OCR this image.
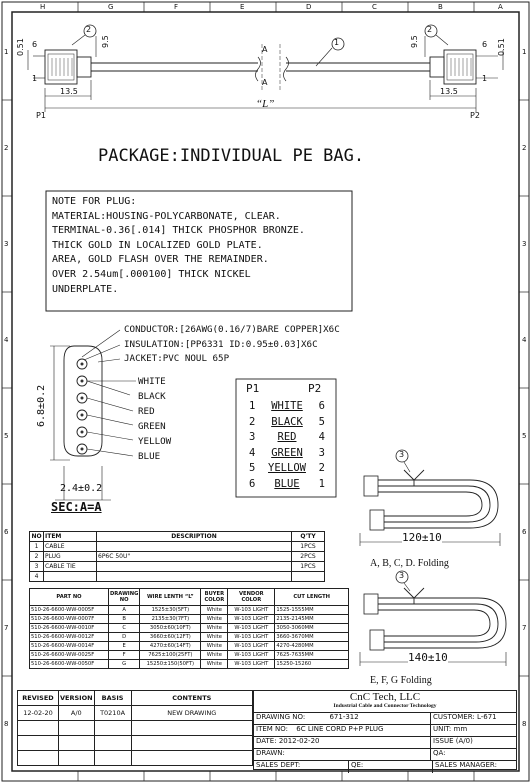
H	G	F	E	D	C	B	A
1
2
3
4
5
6
7
8
1
2
3
4
5
6
7
8
2	2
1
0.51 6
1
9.5	9.5	6
1
0.51
13.5	13.5
A
A
“L”
P1	P2
PACKAGE:INDIVIDUAL PE BAG.
NOTE FOR PLUG:
MATERIAL:HOUSING-POLYCARBONATE, CLEAR.
TERMINAL-0.36[.014] THICK PHOSPHOR BRONZE.
THICK GOLD IN LOCALIZED GOLD PLATE.
AREA, GOLD FLASH OVER THE REMAINDER.
OVER 2.54um[.000100] THICK NICKEL
UNDERPLATE.
CONDUCTOR:[26AWG(0.16/7)BARE COPPER]X6C
INSULATION:[PP6331 ID:0.95±0.03]X6C
JACKET:PVC NOUL 65P
WHITE
BLACK
RED
GREEN
YELLOW
BLUE
6.8±0.2
2.4±0.2
SEC:A=A
P1	P2
1 WHITE 6
2 BLACK 5
3 RED 4
4 GREEN 3
5 YELLOW 2
6 BLUE 1
3
120±10
A, B, C, D. Folding
3
140±10
E, F, G Folding
NO	ITEM	DESCRIPTION	Q'TY
1	CABLE		1PCS
2	PLUG	6P6C 50U"	2PCS
3	CABLE TIE		1PCS
4			
PART NO	DRAWING NO	WIRE LENTH “L”	BUYER COLOR	VENDOR COLOR	CUT LENGTH
510-26-6600-WW-0005F	A	1525±30(5FT)	White	W-103 LIGHT	1525-1555MM
510-26-6600-WW-0007F	B	2135±30(7FT)	White	W-103 LIGHT	2135-2145MM
510-26-6600-WW-0010F	C	3050±60(10FT)	White	W-103 LIGHT	3050-3060MM
510-26-6600-WW-0012F	D	3660±60(12FT)	White	W-103 LIGHT	3660-3670MM
510-26-6600-WW-0014F	E	4270±60(14FT)	White	W-103 LIGHT	4270-4280MM
510-26-6600-WW-0025F	F	7625±100(25FT)	White	W-103 LIGHT	7625-7635MM
510-26-6600-WW-0050F	G	15250±150(50FT)	White	W-103 LIGHT	15250-15260
REVISED	VERSION	BASIS	CONTENTS
12-02-20	A/0	T0210A	NEW DRAWING

CnC Tech, LLC
Industrial Cable and Connector Technology
DRAWING NO:	671-312	CUSTOMER: L-671
ITEM NO: 6C LINE CORD P+P PLUG	UNIT: mm
DATE: 2012-02-20	ISSUE (A/0)
DRAWN:	QA:
SALES DEPT:	QE:	SALES MANAGER:
